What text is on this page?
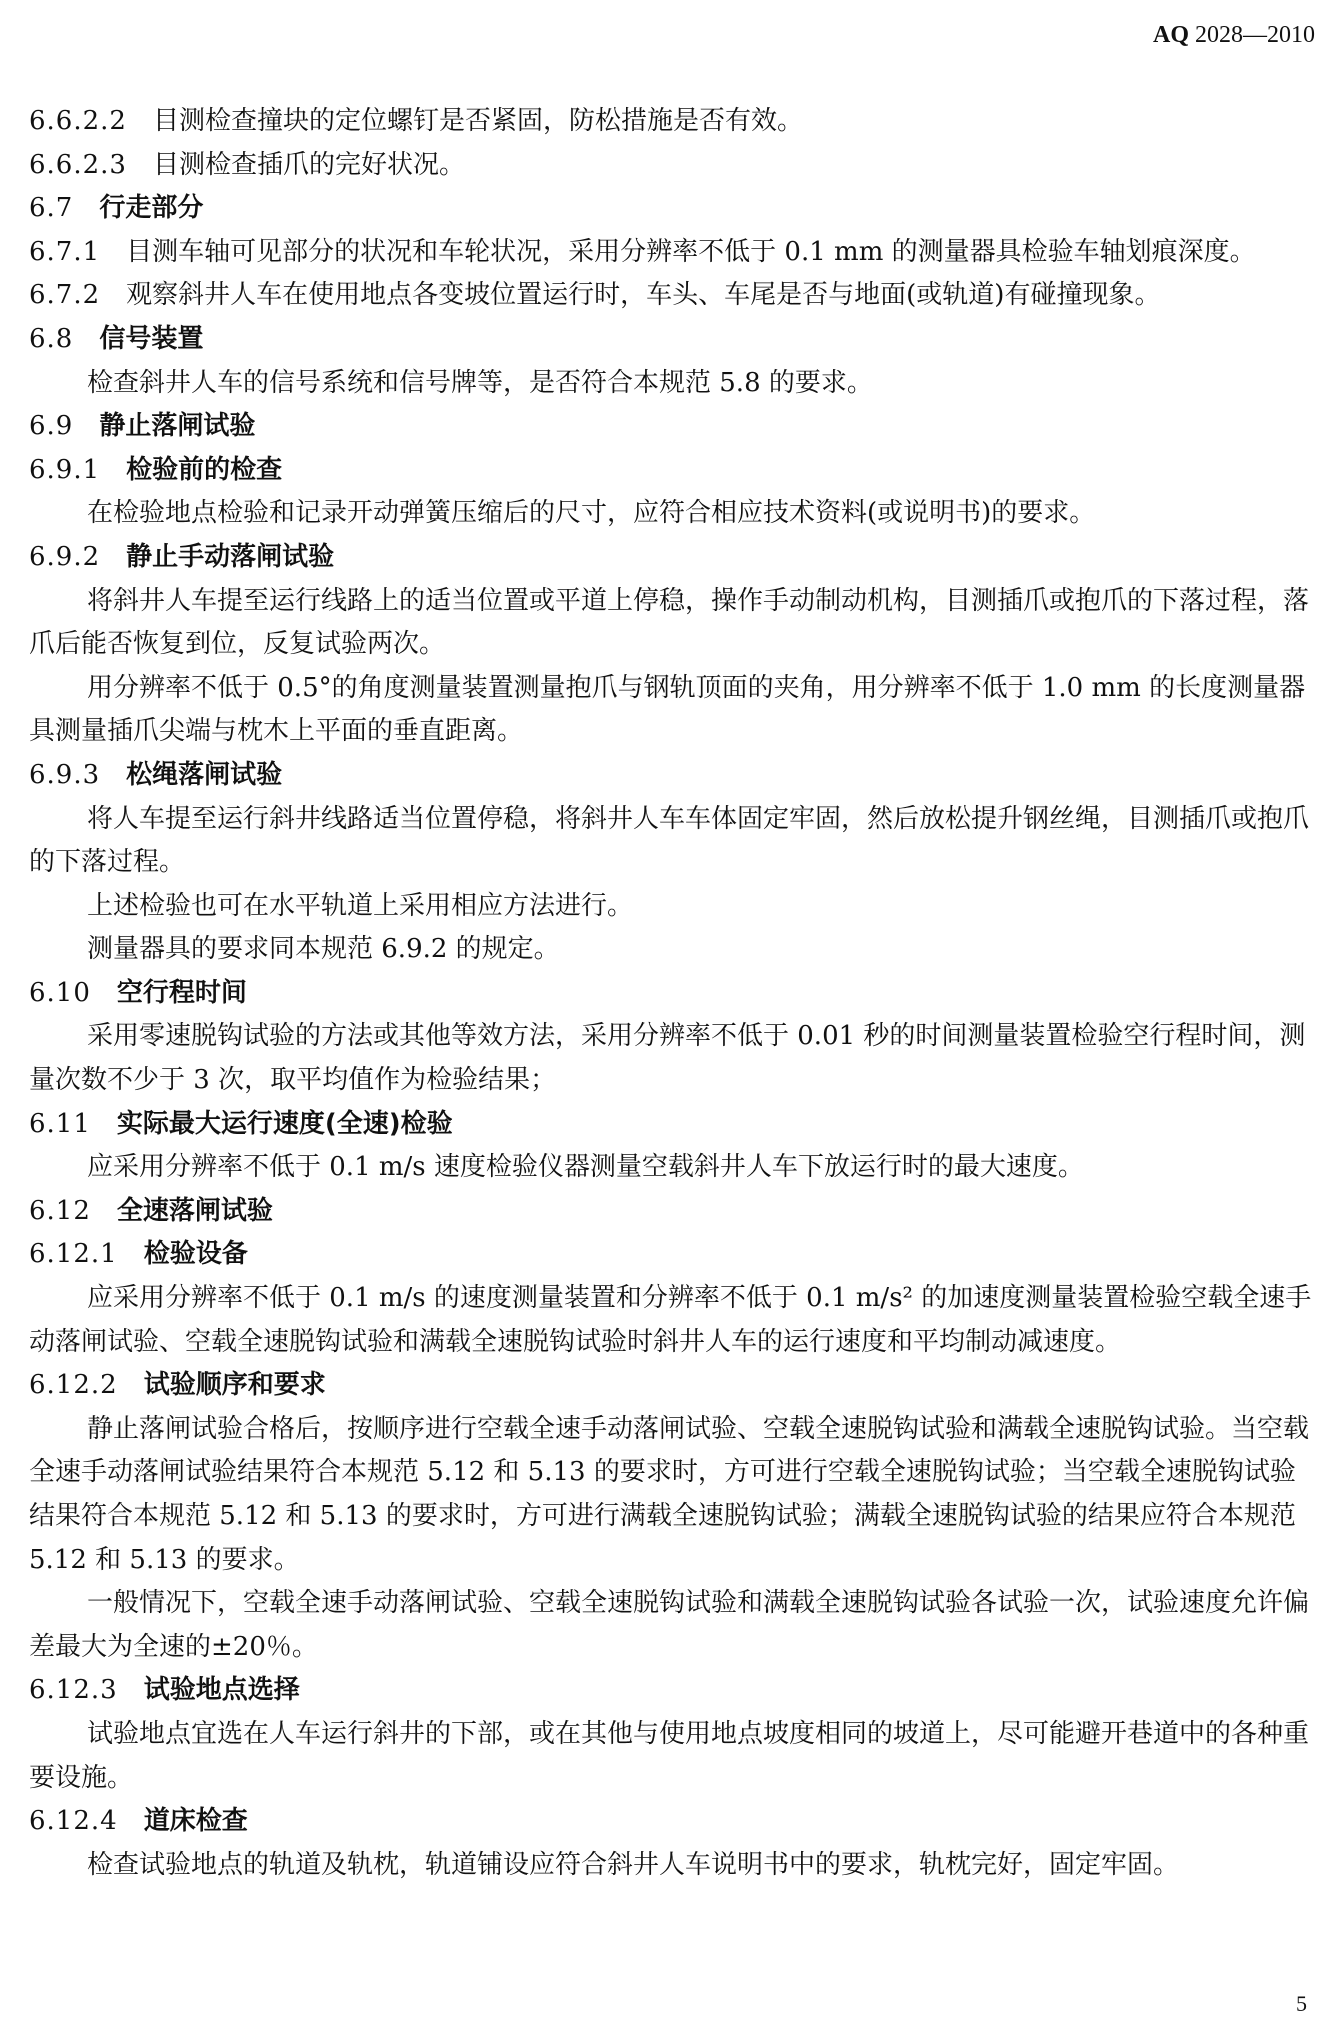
AQ 2028—2010

6.6.2.2 目测检查撞块的定位螺钉是否紧固，防松措施是否有效。

6.6.2.3 目测检查插爪的完好状况。

6.7 行走部分

6.7.1 目测车轴可见部分的状况和车轮状况，采用分辨率不低于 0.1 mm 的测量器具检验车轴划痕深度。

6.7.2 观察斜井人车在使用地点各变坡位置运行时，车头、车尾是否与地面(或轨道)有碰撞现象。

6.8 信号装置

检查斜井人车的信号系统和信号牌等，是否符合本规范 5.8 的要求。

6.9 静止落闸试验

6.9.1 检验前的检查

在检验地点检验和记录开动弹簧压缩后的尺寸，应符合相应技术资料(或说明书)的要求。

6.9.2 静止手动落闸试验

将斜井人车提至运行线路上的适当位置或平道上停稳，操作手动制动机构，目测插爪或抱爪的下落过程，落爪后能否恢复到位，反复试验两次。

用分辨率不低于 0.5°的角度测量装置测量抱爪与钢轨顶面的夹角，用分辨率不低于 1.0 mm 的长度测量器具测量插爪尖端与枕木上平面的垂直距离。

6.9.3 松绳落闸试验

将人车提至运行斜井线路适当位置停稳，将斜井人车车体固定牢固，然后放松提升钢丝绳，目测插爪或抱爪的下落过程。

上述检验也可在水平轨道上采用相应方法进行。

测量器具的要求同本规范 6.9.2 的规定。

6.10 空行程时间

采用零速脱钩试验的方法或其他等效方法，采用分辨率不低于 0.01 秒的时间测量装置检验空行程时间，测量次数不少于 3 次，取平均值作为检验结果；

6.11 实际最大运行速度(全速)检验

应采用分辨率不低于 0.1 m/s 速度检验仪器测量空载斜井人车下放运行时的最大速度。

6.12 全速落闸试验

6.12.1 检验设备

应采用分辨率不低于 0.1 m/s 的速度测量装置和分辨率不低于 0.1 m/s² 的加速度测量装置检验空载全速手动落闸试验、空载全速脱钩试验和满载全速脱钩试验时斜井人车的运行速度和平均制动减速度。

6.12.2 试验顺序和要求

静止落闸试验合格后，按顺序进行空载全速手动落闸试验、空载全速脱钩试验和满载全速脱钩试验。当空载全速手动落闸试验结果符合本规范 5.12 和 5.13 的要求时，方可进行空载全速脱钩试验；当空载全速脱钩试验结果符合本规范 5.12 和 5.13 的要求时，方可进行满载全速脱钩试验；满载全速脱钩试验的结果应符合本规范 5.12 和 5.13 的要求。

一般情况下，空载全速手动落闸试验、空载全速脱钩试验和满载全速脱钩试验各试验一次，试验速度允许偏差最大为全速的±20％。

6.12.3 试验地点选择

试验地点宜选在人车运行斜井的下部，或在其他与使用地点坡度相同的坡道上，尽可能避开巷道中的各种重要设施。

6.12.4 道床检查

检查试验地点的轨道及轨枕，轨道铺设应符合斜井人车说明书中的要求，轨枕完好，固定牢固。

5
